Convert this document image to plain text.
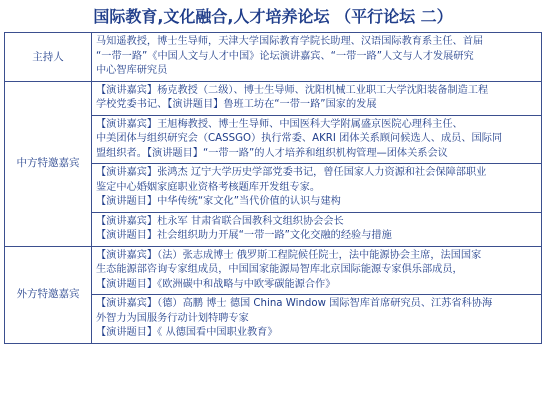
国际教育,文化融合,人才培养论坛 （平行论坛 二）
主持人	马知遥教授，博士生导师，天津大学国际教育学院长助理、汉语国际教育系主任、首届
“一带一路”《中国人文与人才中国》论坛演讲嘉宾、“一带一路”人文与人才发展研究
中心智库研究员

中方特邀嘉宾	【演讲嘉宾】杨克教授（二级）、博士生导师、沈阳机械工业职工大学沈阳装备制造工程
学校党委书记、【演讲题目】鲁班工坊在“一带一路”国家的发展

	【演讲嘉宾】王旭梅教授、博士生导师、中国医科大学附属盛京医院心理科主任、
中美团体与组织研究会（CASSGO）执行常委、AKRI 团体关系顾问候选人、成员、国际同
盟组织者。【演讲题目】“一带一路”的人才培养和组织机构管理—团体关系会议

	【演讲嘉宾】张鸿杰 辽宁大学历史学部党委书记，曾任国家人力资源和社会保障部职业
鉴定中心婚姻家庭职业资格考核题库开发组专家。
【演讲题目】中华传统“家文化”当代价值的认识与建构

	【演讲嘉宾】杜永军 甘肃省联合国教科文组织协会会长
【演讲题目】社会组织助力开展“一带一路”文化交融的经验与措施

外方特邀嘉宾	【演讲嘉宾】（法）张志成博士 俄罗斯工程院候任院士，法中能源协会主席，法国国家
生态能源部咨询专家组成员，中国国家能源局智库北京国际能源专家俱乐部成员，
【演讲题目】《欧洲碳中和战略与中欧零碳能源合作》

	【演讲嘉宾】（德）高鹏 博士 德国 China Window 国际智库首席研究员、江苏省科协海
外智力为国服务行动计划特聘专家
【演讲题目】《 从德国看中国职业教育》
